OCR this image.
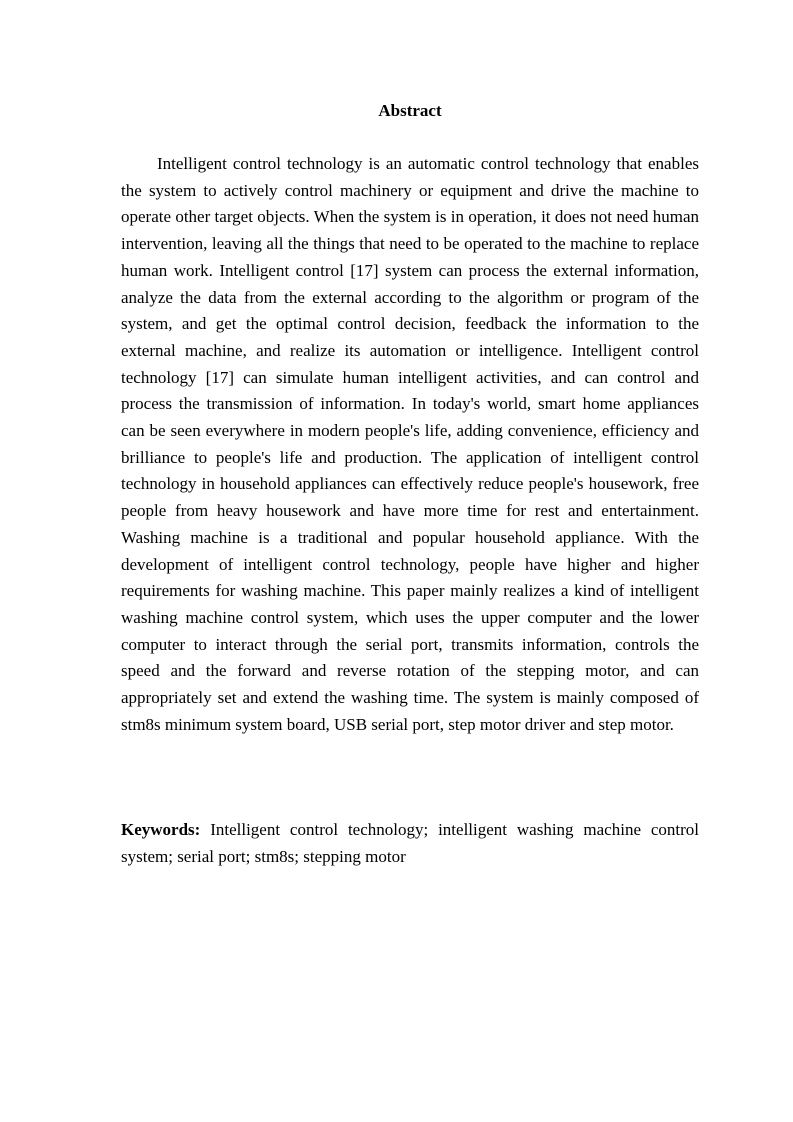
Abstract

Intelligent control technology is an automatic control technology that enables the system to actively control machinery or equipment and drive the machine to operate other target objects. When the system is in operation, it does not need human intervention, leaving all the things that need to be operated to the machine to replace human work. Intelligent control [17] system can process the external information, analyze the data from the external according to the algorithm or program of the system, and get the optimal control decision, feedback the information to the external machine, and realize its automation or intelligence. Intelligent control technology [17] can simulate human intelligent activities, and can control and process the transmission of information. In today's world, smart home appliances can be seen everywhere in modern people's life, adding convenience, efficiency and brilliance to people's life and production. The application of intelligent control technology in household appliances can effectively reduce people's housework, free people from heavy housework and have more time for rest and entertainment. Washing machine is a traditional and popular household appliance. With the development of intelligent control technology, people have higher and higher requirements for washing machine. This paper mainly realizes a kind of intelligent washing machine control system, which uses the upper computer and the lower computer to interact through the serial port, transmits information, controls the speed and the forward and reverse rotation of the stepping motor, and can appropriately set and extend the washing time. The system is mainly composed of stm8s minimum system board, USB serial port, step motor driver and step motor.

Keywords: Intelligent control technology; intelligent washing machine control system; serial port; stm8s; stepping motor
